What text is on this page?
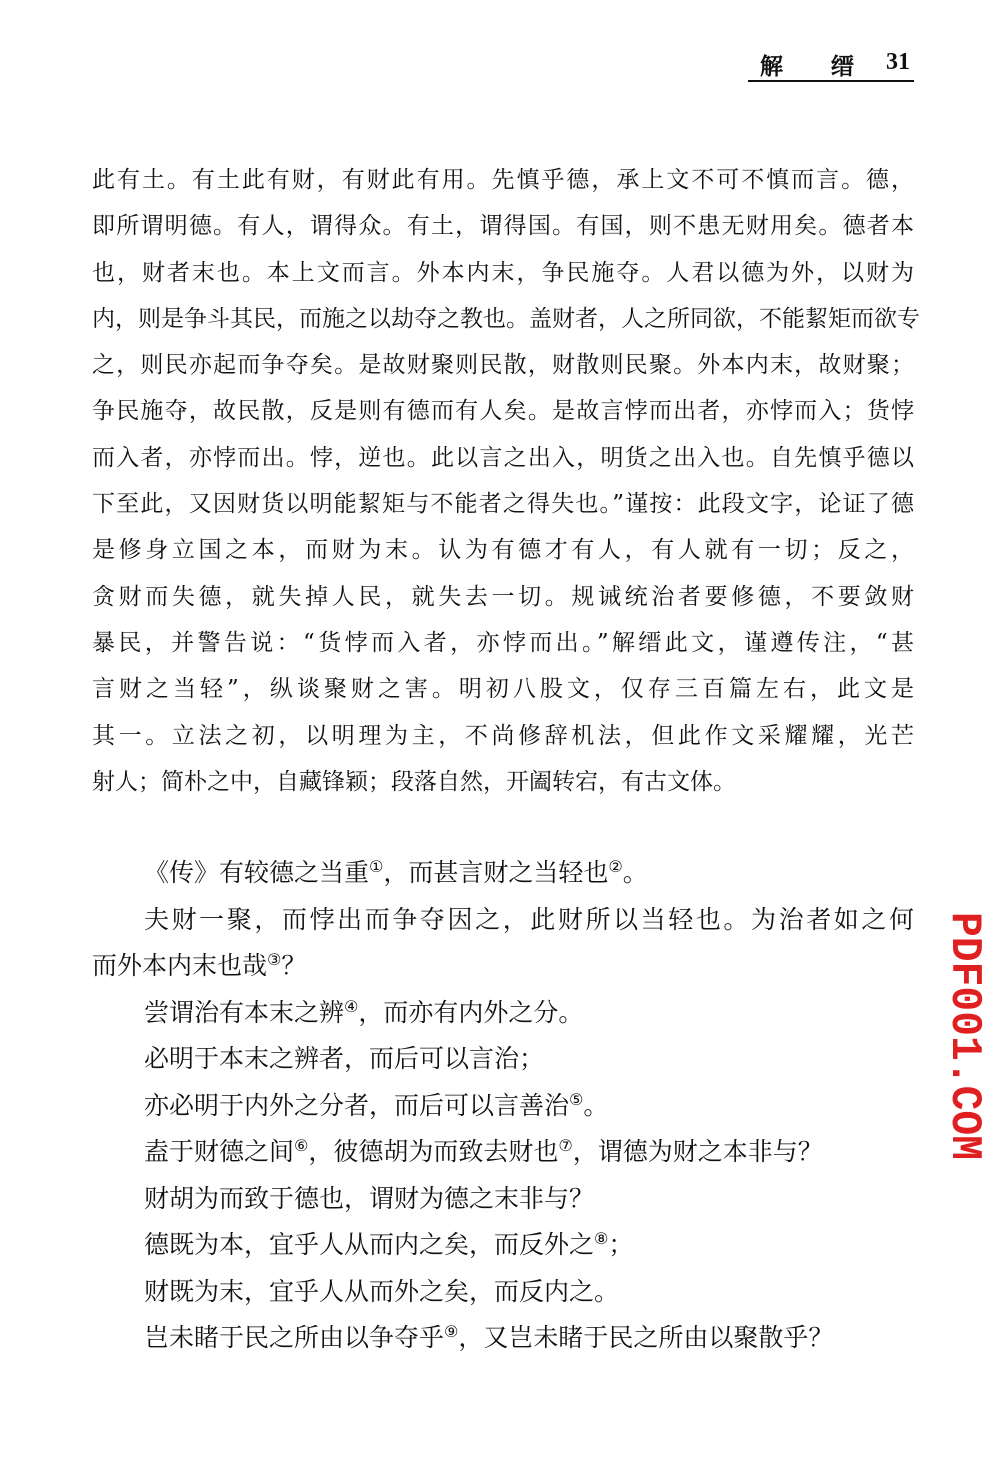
解 缙 31
此有土。有土此有财，有财此有用。先慎乎德，承上文不可不慎而言。德，
即所谓明德。有人，谓得众。有土，谓得国。有国，则不患无财用矣。德者本
也，财者末也。本上文而言。外本内末，争民施夺。人君以德为外，以财为
内，则是争斗其民，而施之以劫夺之教也。盖财者，人之所同欲，不能絜矩而欲专
之，则民亦起而争夺矣。是故财聚则民散，财散则民聚。外本内末，故财聚；
争民施夺，故民散，反是则有德而有人矣。是故言悖而出者，亦悖而入；货悖
而入者，亦悖而出。悖，逆也。此以言之出入，明货之出入也。自先慎乎德以
下至此，又因财货以明能絜矩与不能者之得失也。”谨按：此段文字，论证了德
是修身立国之本，而财为末。认为有德才有人，有人就有一切；反之，
贪财而失德，就失掉人民，就失去一切。规诫统治者要修德，不要敛财
暴民，并警告说：“货悖而入者，亦悖而出。”解缙此文，谨遵传注，“甚
言财之当轻”，纵谈聚财之害。明初八股文，仅存三百篇左右，此文是
其一。立法之初，以明理为主，不尚修辞机法，但此作文采耀耀，光芒
射人；简朴之中，自藏锋颖；段落自然，开阖转宕，有古文体。
《传》有较德之当重①，而甚言财之当轻也②。
夫财一聚，而悖出而争夺因之，此财所以当轻也。为治者如之何
而外本内末也哉③？
尝谓治有本末之辨④，而亦有内外之分。
必明于本末之辨者，而后可以言治；
亦必明于内外之分者，而后可以言善治⑤。
盍于财德之间⑥，彼德胡为而致去财也⑦，谓德为财之本非与？
财胡为而致于德也，谓财为德之末非与？
德既为本，宜乎人从而内之矣，而反外之⑧；
财既为末，宜乎人从而外之矣，而反内之。
岂未睹于民之所由以争夺乎⑨，又岂未睹于民之所由以聚散乎？
PDF001.COM
